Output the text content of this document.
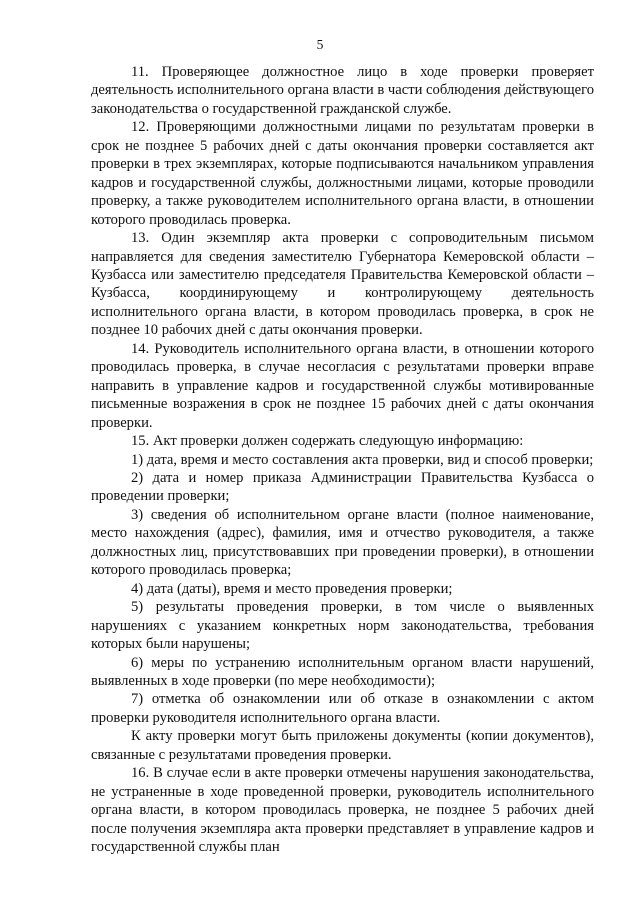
5

11. Проверяющее должностное лицо в ходе проверки проверяет деятельность исполнительного органа власти в части соблюдения действующего законодательства о государственной гражданской службе.

12. Проверяющими должностными лицами по результатам проверки в срок не позднее 5 рабочих дней с даты окончания проверки составляется акт проверки в трех экземплярах, которые подписываются начальником управления кадров и государственной службы, должностными лицами, которые проводили проверку, а также руководителем исполнительного органа власти, в отношении которого проводилась проверка.

13. Один экземпляр акта проверки с сопроводительным письмом направляется для сведения заместителю Губернатора Кемеровской области – Кузбасса или заместителю председателя Правительства Кемеровской области – Кузбасса, координирующему и контролирующему деятельность исполнительного органа власти, в котором проводилась проверка, в срок не позднее 10 рабочих дней с даты окончания проверки.

14. Руководитель исполнительного органа власти, в отношении которого проводилась проверка, в случае несогласия с результатами проверки вправе направить в управление кадров и государственной службы мотивированные письменные возражения в срок не позднее 15 рабочих дней с даты окончания проверки.

15. Акт проверки должен содержать следующую информацию:

1) дата, время и место составления акта проверки, вид и способ проверки;

2) дата и номер приказа Администрации Правительства Кузбасса о проведении проверки;

3) сведения об исполнительном органе власти (полное наименование, место нахождения (адрес), фамилия, имя и отчество руководителя, а также должностных лиц, присутствовавших при проведении проверки), в отношении которого проводилась проверка;

4) дата (даты), время и место проведения проверки;

5) результаты проведения проверки, в том числе о выявленных нарушениях с указанием конкретных норм законодательства, требования которых были нарушены;

6) меры по устранению исполнительным органом власти нарушений, выявленных в ходе проверки (по мере необходимости);

7) отметка об ознакомлении или об отказе в ознакомлении с актом проверки руководителя исполнительного органа власти.

К акту проверки могут быть приложены документы (копии документов), связанные с результатами проведения проверки.

16. В случае если в акте проверки отмечены нарушения законодательства, не устраненные в ходе проведенной проверки, руководитель исполнительного органа власти, в котором проводилась проверка, не позднее 5 рабочих дней после получения экземпляра акта проверки представляет в управление кадров и государственной службы план
